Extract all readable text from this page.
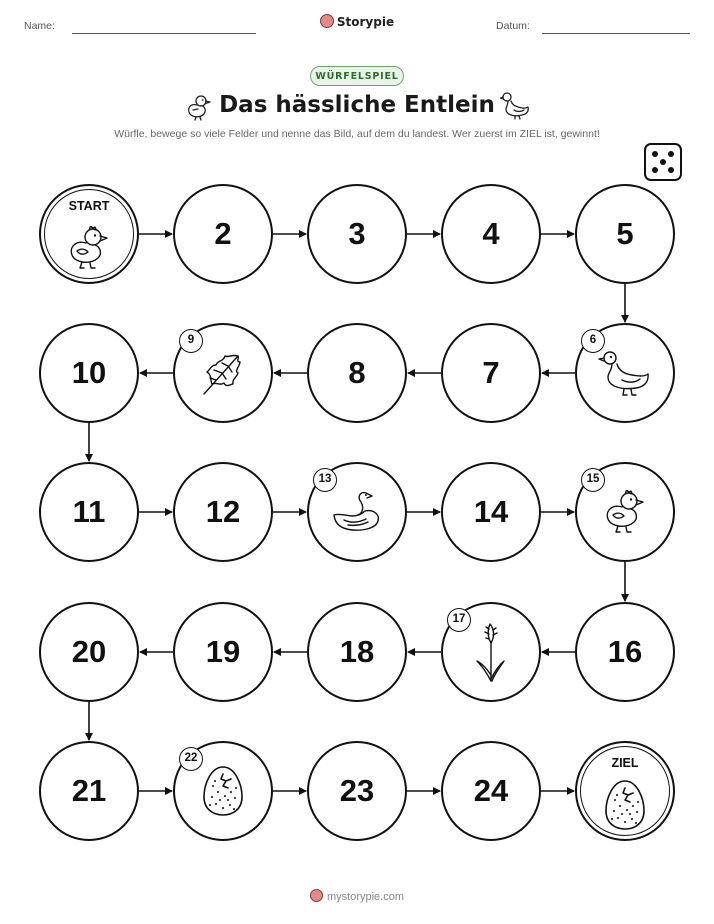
Name:	Datum:
Storypie
WÜRFELSPIEL
Das hässliche Entlein
Würfle, bewege so viele Felder und nenne das Bild, auf dem du landest. Wer zuerst im ZIEL ist, gewinnt!
START
2	3	4	5
6
7
8
9
10
11	12
13
14
15
16
17
18
19
20
21
22
23	24
ZIEL
mystorypie.com
